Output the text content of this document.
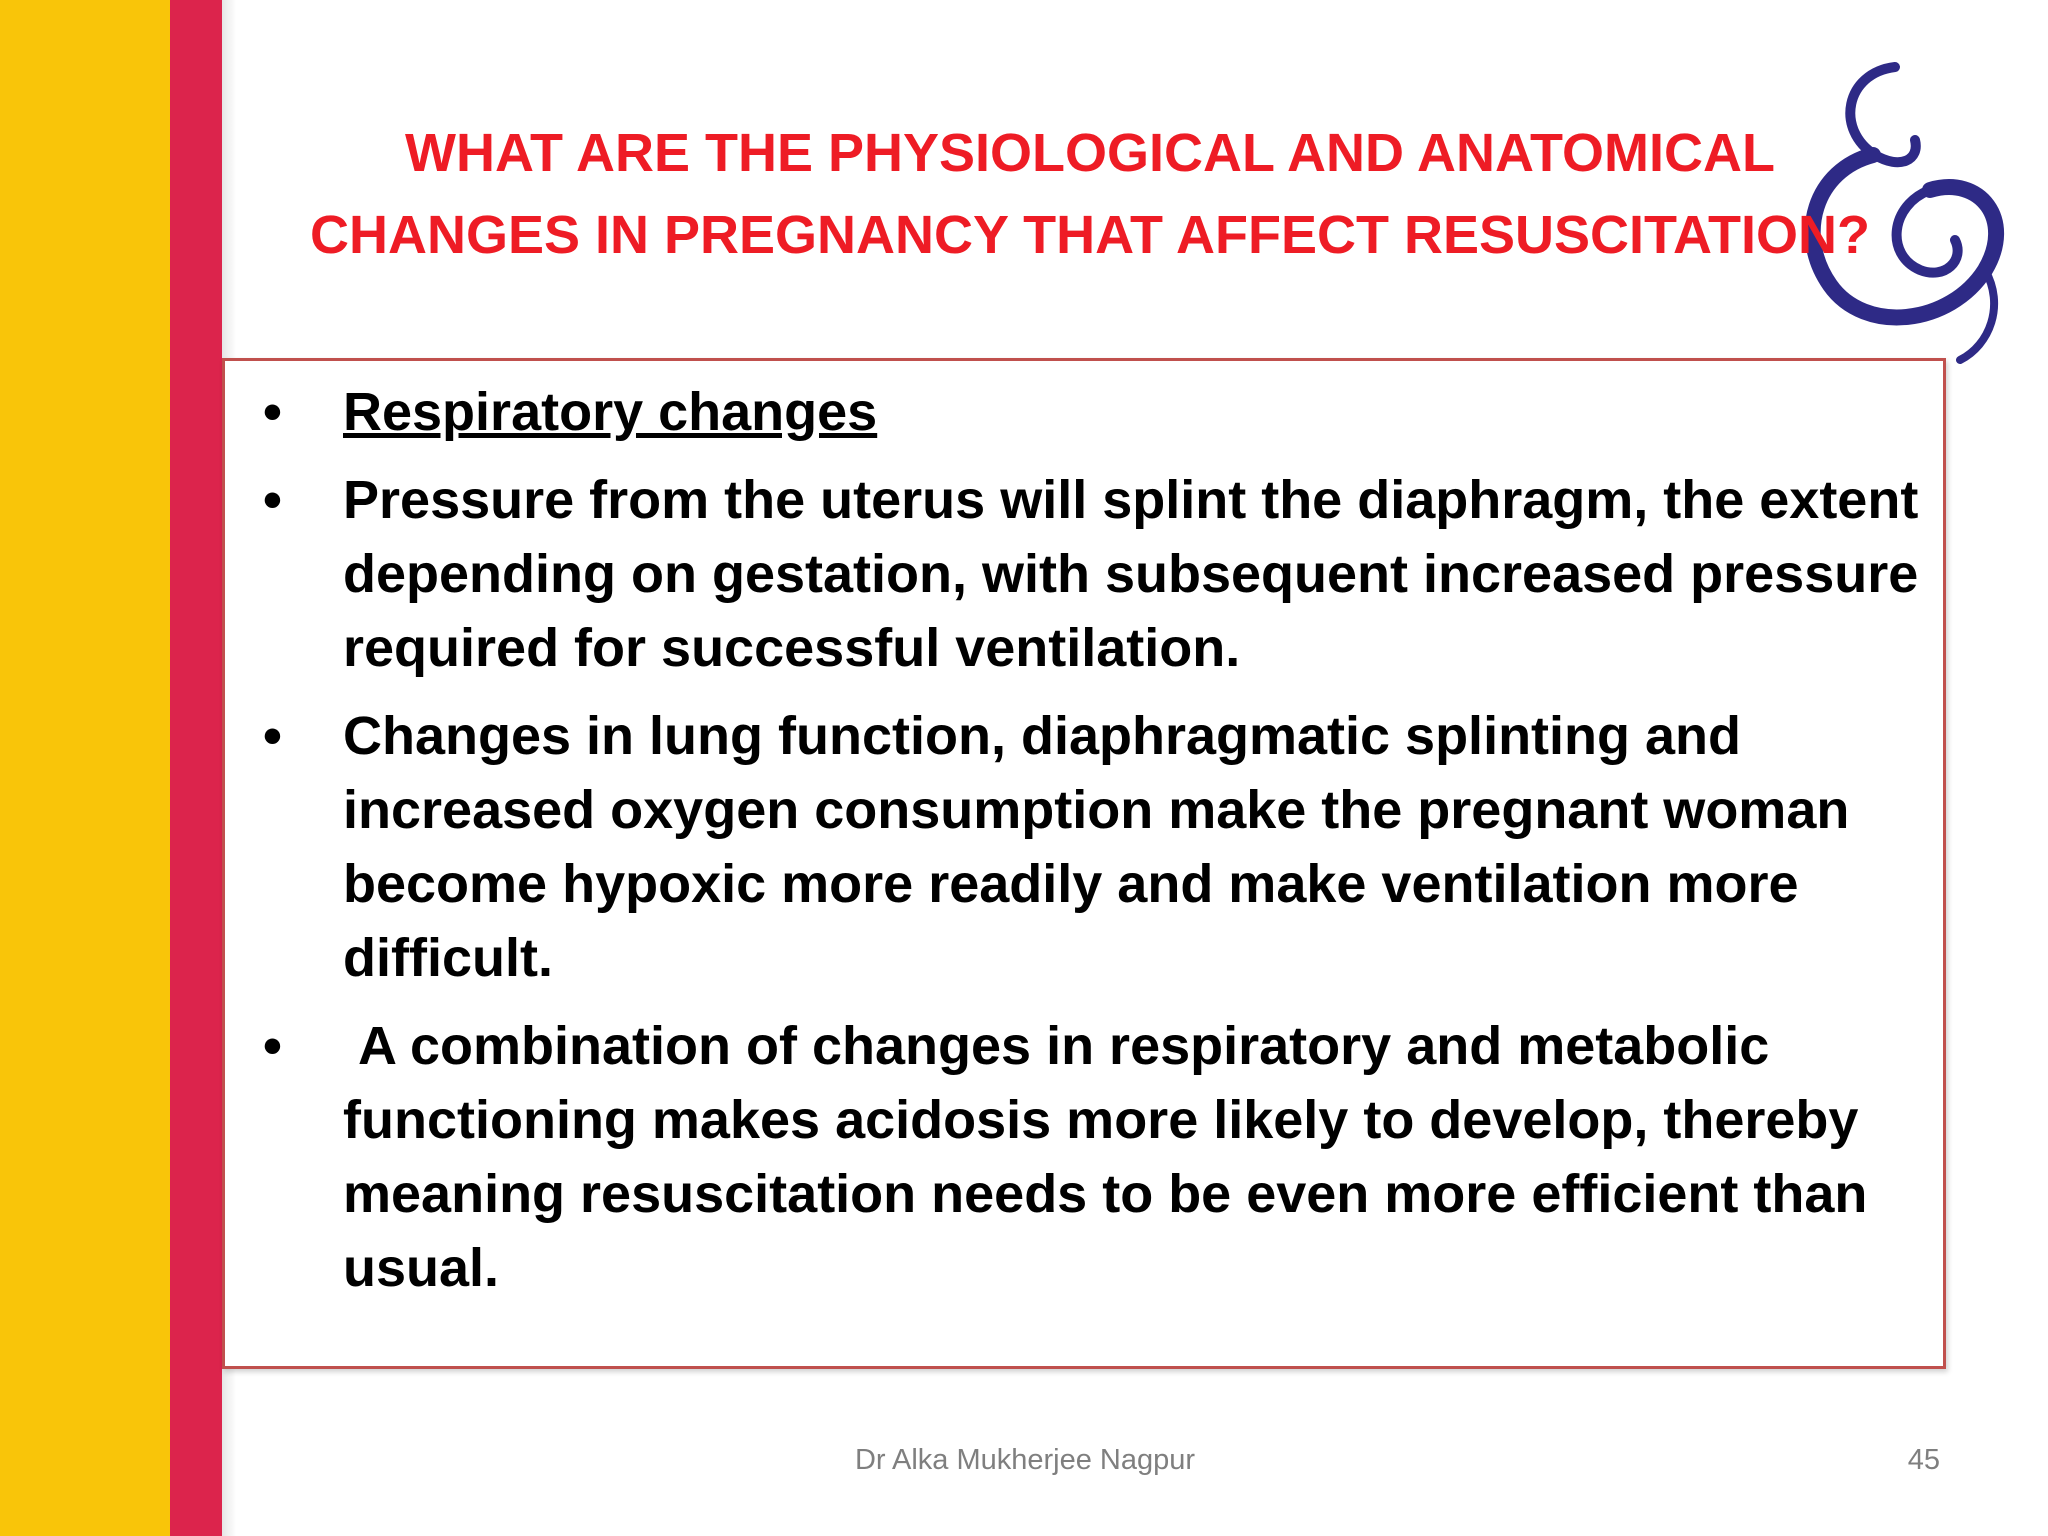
WHAT ARE THE PHYSIOLOGICAL AND ANATOMICAL
CHANGES IN PREGNANCY THAT AFFECT RESUSCITATION?
• Respiratory changes
• Pressure from the uterus will splint the diaphragm, the extent depending on gestation, with subsequent increased pressure required for successful ventilation.
• Changes in lung function, diaphragmatic splinting and increased oxygen consumption make the pregnant woman become hypoxic more readily and make ventilation more difficult.
• A combination of changes in respiratory and metabolic functioning makes acidosis more likely to develop, thereby meaning resuscitation needs to be even more efficient than usual.
Dr Alka Mukherjee Nagpur	45
